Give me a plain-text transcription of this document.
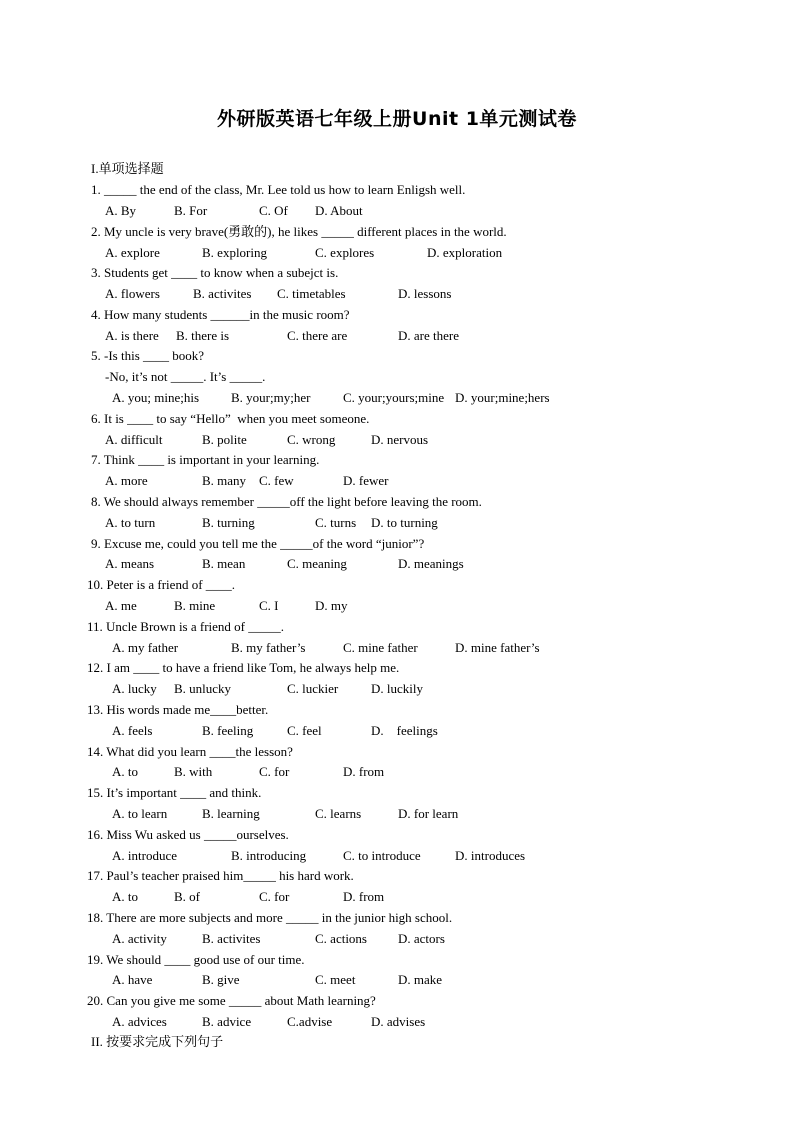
外研版英语七年级上册Unit 1单元测试卷
I.单项选择题
1. _____ the end of the class, Mr. Lee told us how to learn Enligsh well.
A. By	B. For	C. Of D. About
2. My uncle is very brave(勇敢的), he likes _____ different places in the world.
A. explore	B. exploring	C. explores	D. exploration
3. Students get ____ to know when a subejct is.
A. flowers	B. activites C. timetables	D. lessons
4. How many students ______in the music room?
A. is there B. there is	C. there are	D. are there
5. -Is this ____ book?
-No, it’s not _____. It’s _____.
A. you; mine;his B. your;my;her	C. your;yours;mine D. your;mine;hers
6. It is ____ to say “Hello”  when you meet someone.
A. difficult	B. polite	C. wrong	D. nervous
7. Think ____ is important in your learning.
A. more	B. many C. few	D. fewer
8. We should always remember _____off the light before leaving the room.
A. to turn	B. turning	C. turns D. to turning
9. Excuse me, could you tell me the _____of the word “junior”?
A. means	B. mean	C. meaning	D. meanings
10. Peter is a friend of ____.
A. me	B. mine	C. I	D. my
11. Uncle Brown is a friend of _____.
A. my father	B. my father’s	C. mine father	D. mine father’s
12. I am ____ to have a friend like Tom, he always help me.
A. lucky B. unlucky	C. luckier	D. luckily
13. His words made me____better.
A. feels	B. feeling	C. feel	D.    feelings
14. What did you learn ____the lesson?
A. to	B. with	C. for	D. from
15. It’s important ____ and think.
A. to learn	B. learning	C. learns	D. for learn
16. Miss Wu asked us _____ourselves.
A. introduce	B. introducing	C. to introduce	D. introduces
17. Paul’s teacher praised him_____ his hard work.
A. to	B. of	C. for	D. from
18. There are more subjects and more _____ in the junior high school.
A. activity	B. activites	C. actions D. actors
19. We should ____ good use of our time.
A. have	B. give	C. meet	D. make
20. Can you give me some _____ about Math learning?
A. advices	B. advice	C.advise	D. advises
II. 按要求完成下列句子
